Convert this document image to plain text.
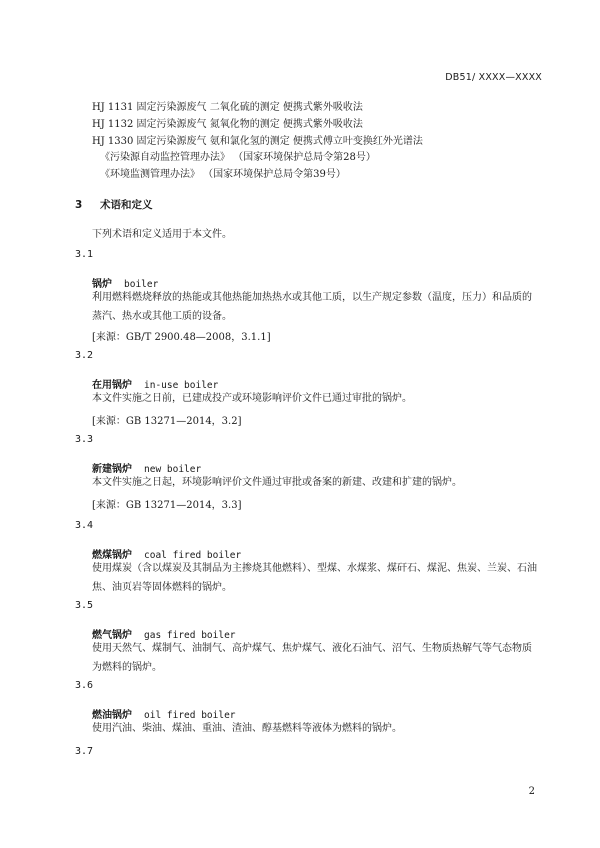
DB51/ XXXX—XXXX
HJ 1131 固定污染源废气 二氧化硫的测定 便携式紫外吸收法
HJ 1132 固定污染源废气 氮氧化物的测定 便携式紫外吸收法
HJ 1330 固定污染源废气 氨和氯化氢的测定 便携式傅立叶变换红外光谱法
《污染源自动监控管理办法》 （国家环境保护总局令第28号）
《环境监测管理办法》 （国家环境保护总局令第39号）
3 术语和定义
下列术语和定义适用于本文件。
3.1
锅炉 boiler
利用燃料燃烧释放的热能或其他热能加热热水或其他工质，以生产规定参数（温度，压力）和品质的蒸汽、热水或其他工质的设备。
[来源：GB/T 2900.48—2008，3.1.1]
3.2
在用锅炉 in-use boiler
本文件实施之日前，已建成投产或环境影响评价文件已通过审批的锅炉。
[来源：GB 13271—2014，3.2]
3.3
新建锅炉 new boiler
本文件实施之日起，环境影响评价文件通过审批或备案的新建、改建和扩建的锅炉。
[来源：GB 13271—2014，3.3]
3.4
燃煤锅炉 coal fired boiler
使用煤炭（含以煤炭及其制品为主掺烧其他燃料）、型煤、水煤浆、煤矸石、煤泥、焦炭、兰炭、石油焦、油页岩等固体燃料的锅炉。
3.5
燃气锅炉 gas fired boiler
使用天然气、煤制气、油制气、高炉煤气、焦炉煤气、液化石油气、沼气、生物质热解气等气态物质为燃料的锅炉。
3.6
燃油锅炉 oil fired boiler
使用汽油、柴油、煤油、重油、渣油、醇基燃料等液体为燃料的锅炉。
3.7
2
